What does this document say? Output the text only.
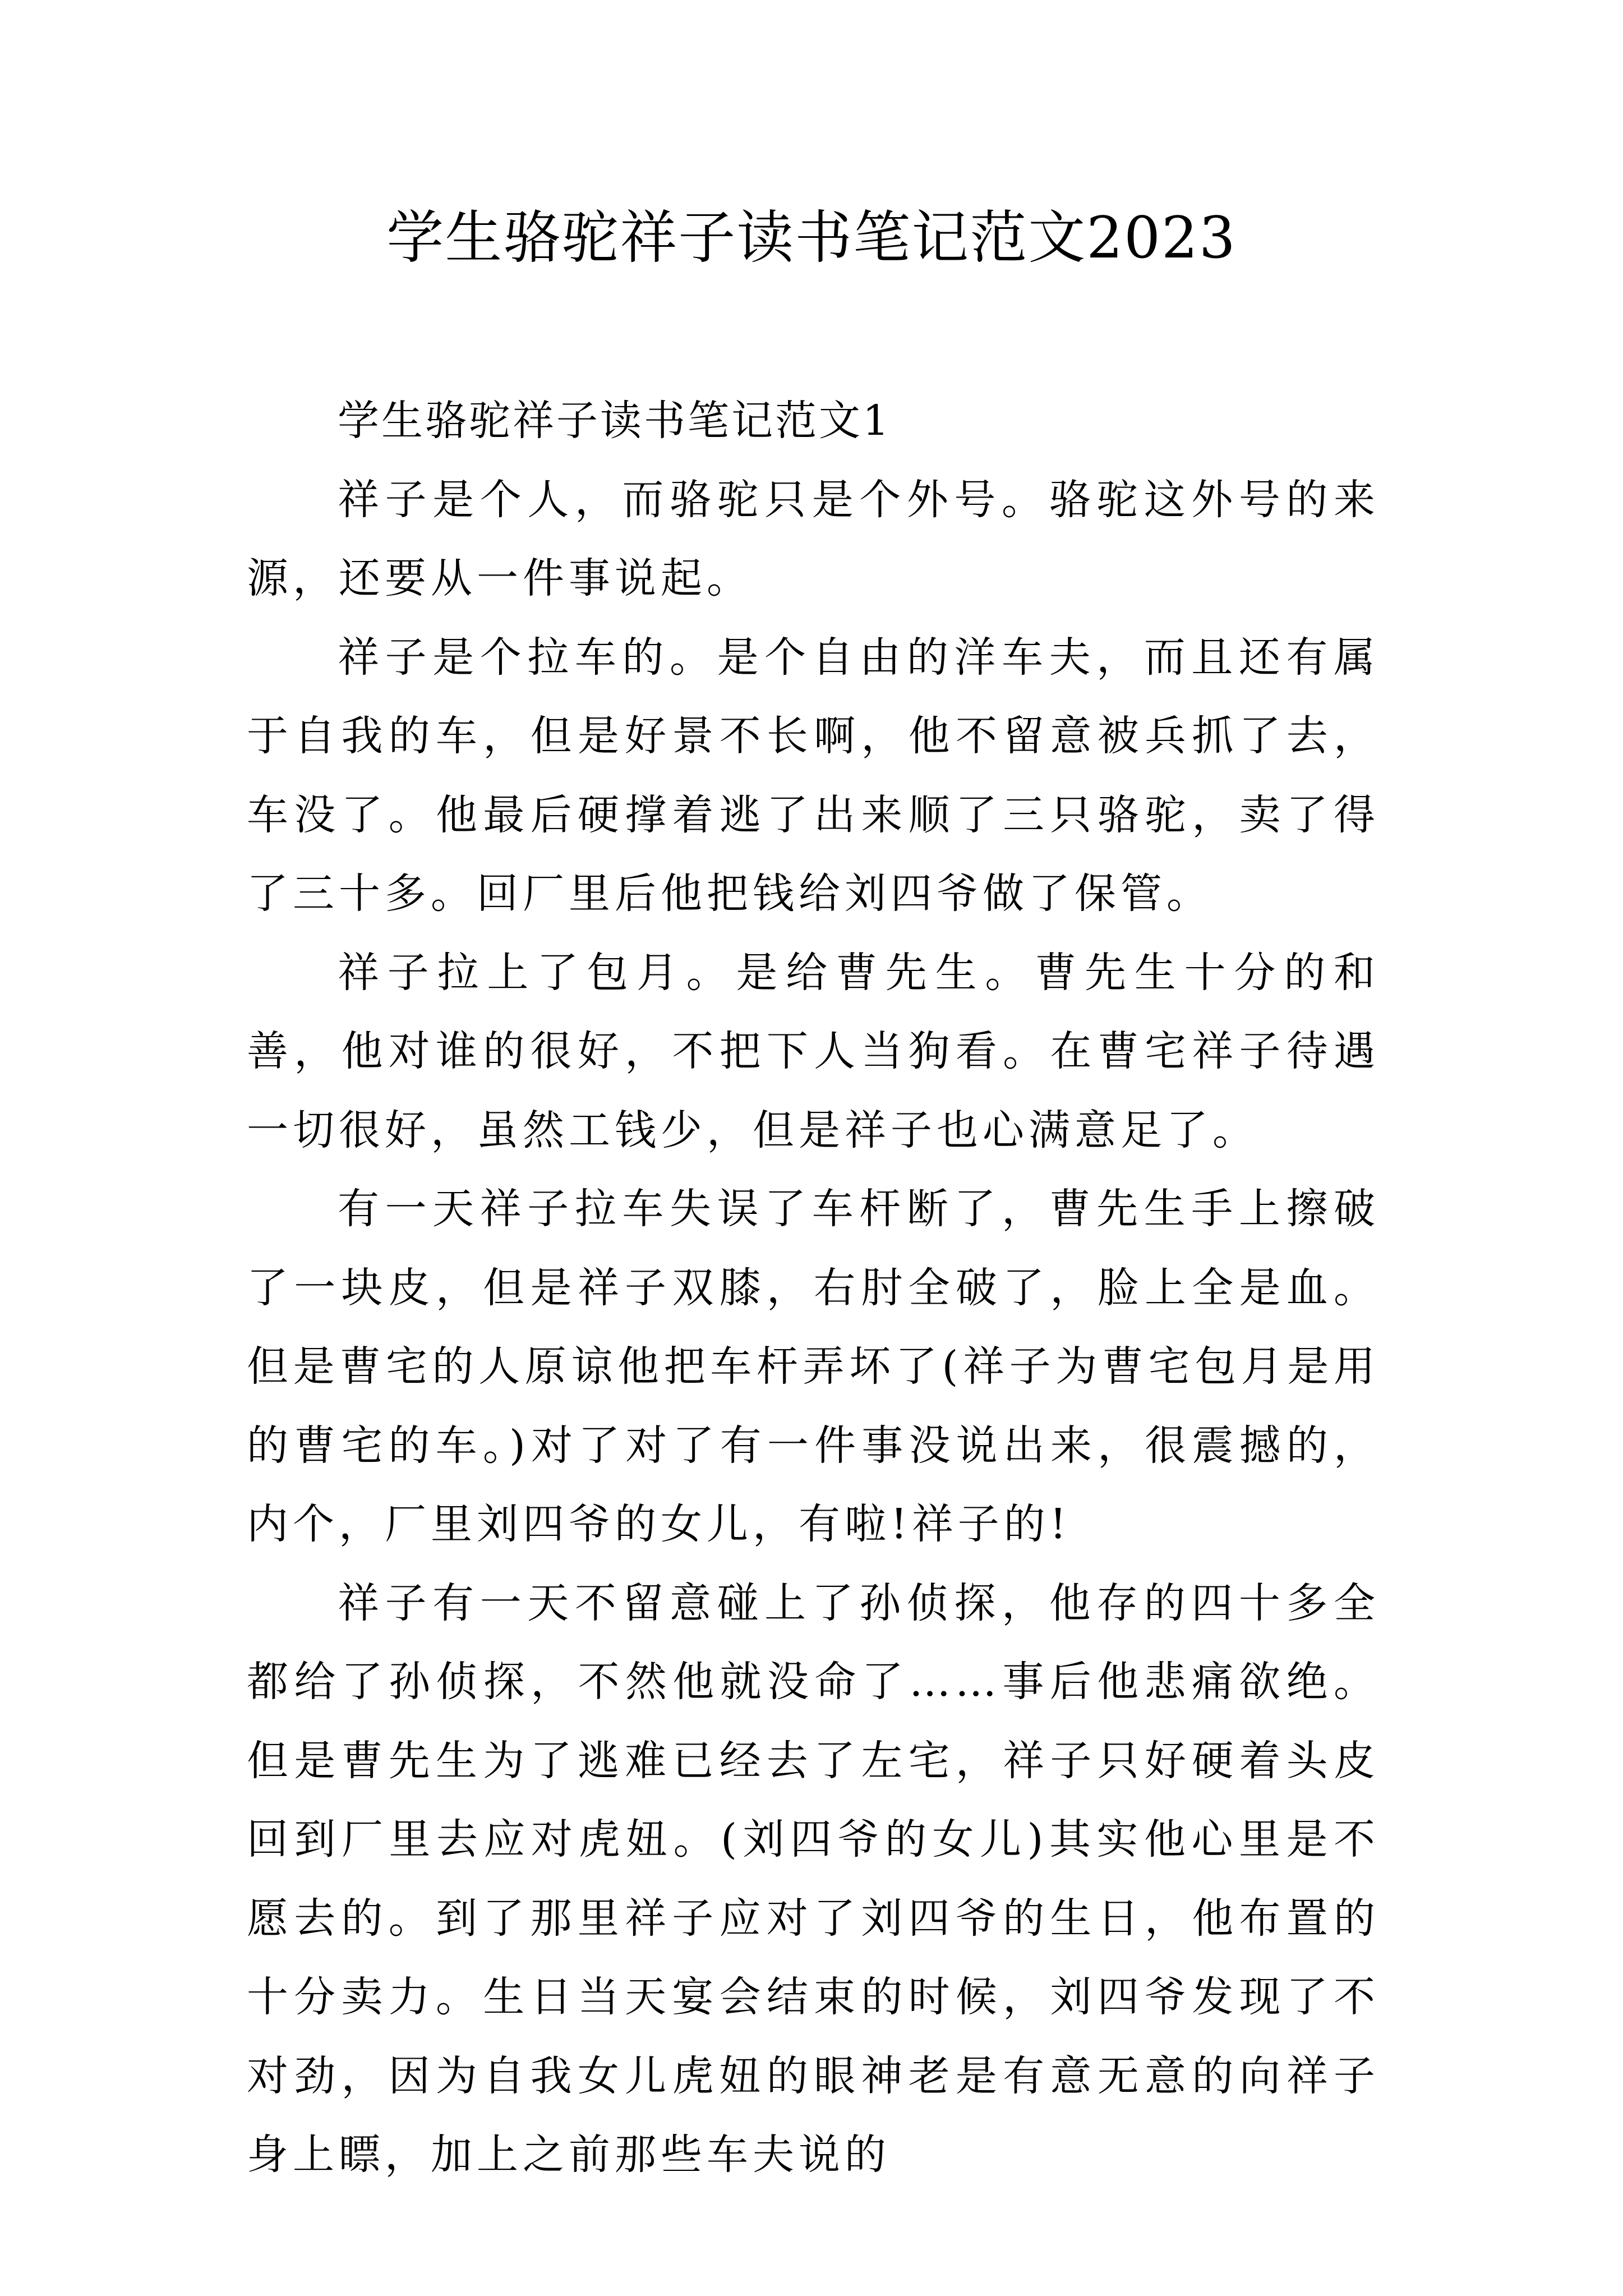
学生骆驼祥子读书笔记范文2023

学生骆驼祥子读书笔记范文1

祥子是个人，而骆驼只是个外号。骆驼这外号的来源，还要从一件事说起。

祥子是个拉车的。是个自由的洋车夫，而且还有属于自我的车，但是好景不长啊，他不留意被兵抓了去，车没了。他最后硬撑着逃了出来顺了三只骆驼，卖了得了三十多。回厂里后他把钱给刘四爷做了保管。

祥子拉上了包月。是给曹先生。曹先生十分的和善，他对谁的很好，不把下人当狗看。在曹宅祥子待遇一切很好，虽然工钱少，但是祥子也心满意足了。

有一天祥子拉车失误了车杆断了，曹先生手上擦破了一块皮，但是祥子双膝，右肘全破了，脸上全是血。但是曹宅的人原谅他把车杆弄坏了(祥子为曹宅包月是用的曹宅的车。)对了对了有一件事没说出来，很震撼的，内个，厂里刘四爷的女儿，有啦!祥子的!

祥子有一天不留意碰上了孙侦探，他存的四十多全都给了孙侦探，不然他就没命了……事后他悲痛欲绝。但是曹先生为了逃难已经去了左宅，祥子只好硬着头皮回到厂里去应对虎妞。(刘四爷的女儿)其实他心里是不愿去的。到了那里祥子应对了刘四爷的生日，他布置的十分卖力。生日当天宴会结束的时候，刘四爷发现了不对劲，因为自我女儿虎妞的眼神老是有意无意的向祥子身上瞟，加上之前那些车夫说的
